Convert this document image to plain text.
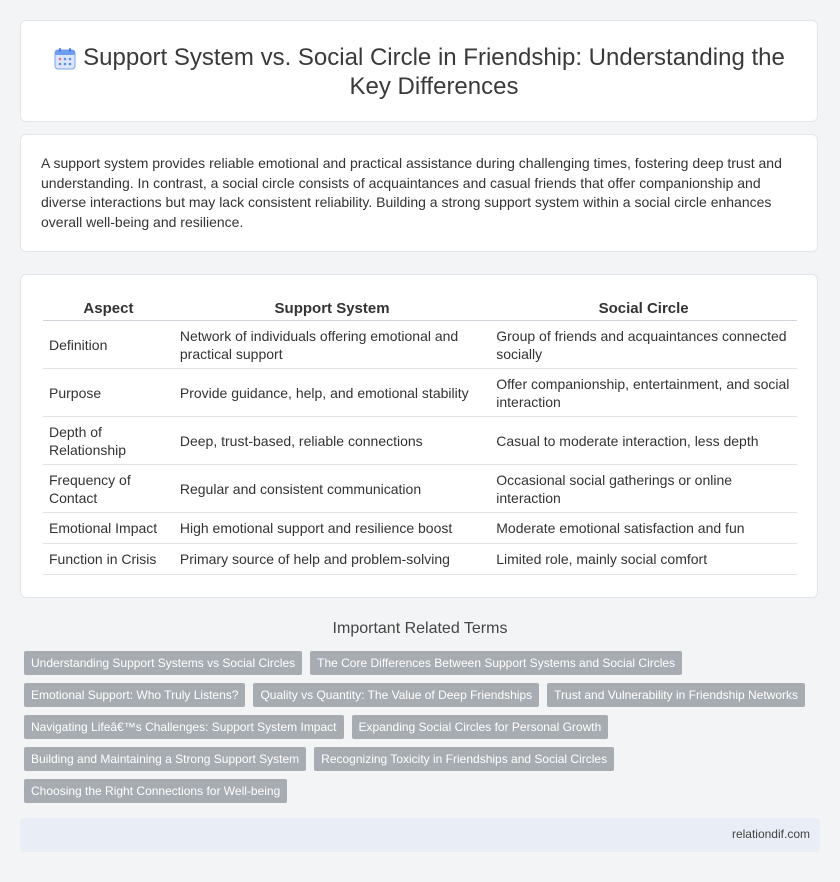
Support System vs. Social Circle in Friendship: Understanding the Key Differences

A support system provides reliable emotional and practical assistance during challenging times, fostering deep trust and understanding. In contrast, a social circle consists of acquaintances and casual friends that offer companionship and diverse interactions but may lack consistent reliability. Building a strong support system within a social circle enhances overall well-being and resilience.

Aspect	Support System	Social Circle
Definition	Network of individuals offering emotional and practical support	Group of friends and acquaintances connected socially
Purpose	Provide guidance, help, and emotional stability	Offer companionship, entertainment, and social interaction
Depth of Relationship	Deep, trust-based, reliable connections	Casual to moderate interaction, less depth
Frequency of Contact	Regular and consistent communication	Occasional social gatherings or online interaction
Emotional Impact	High emotional support and resilience boost	Moderate emotional satisfaction and fun
Function in Crisis	Primary source of help and problem-solving	Limited role, mainly social comfort
Important Related Terms
Understanding Support Systems vs Social Circles	The Core Differences Between Support Systems and Social Circles
Emotional Support: Who Truly Listens?	Quality vs Quantity: The Value of Deep Friendships	Trust and Vulnerability in Friendship Networks
Navigating Lifeâ€™s Challenges: Support System Impact	Expanding Social Circles for Personal Growth
Building and Maintaining a Strong Support System	Recognizing Toxicity in Friendships and Social Circles
Choosing the Right Connections for Well-being
relationdif.com
